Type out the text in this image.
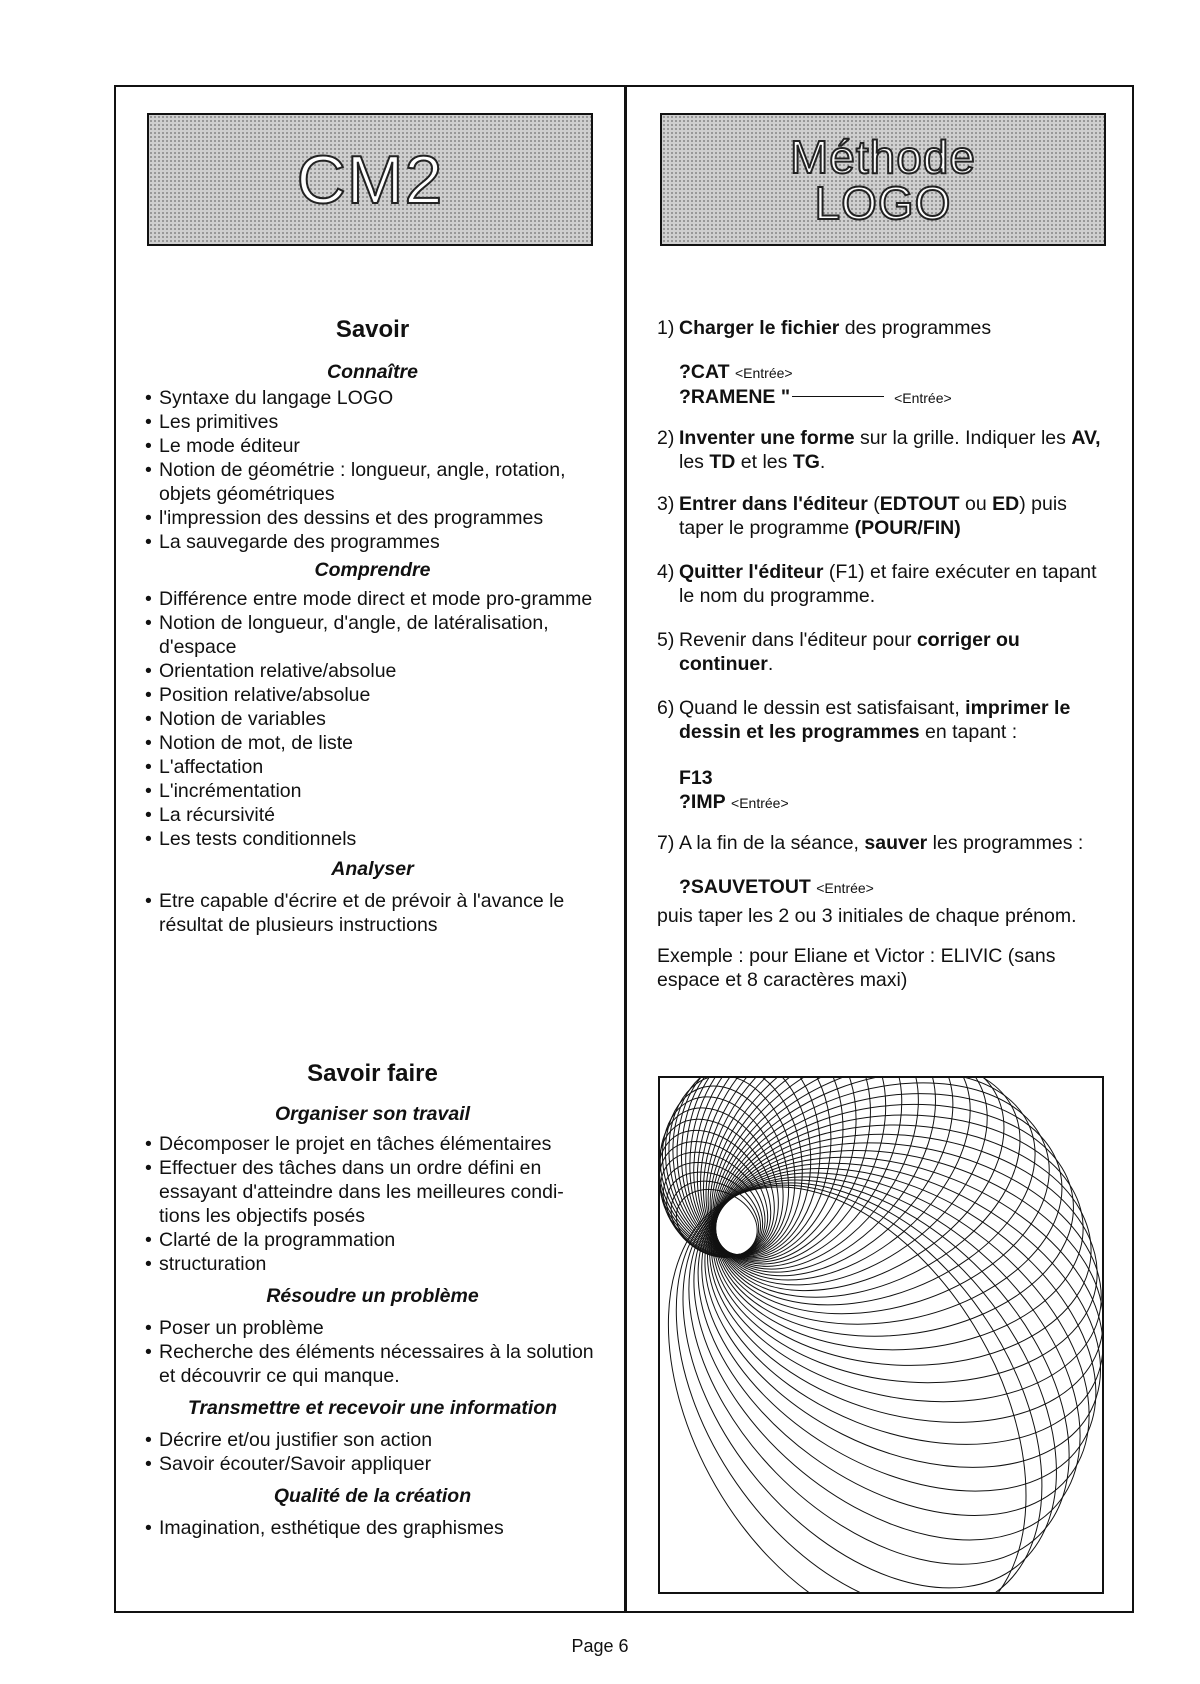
CM2	Méthode
LOGO
Savoir
Connaître
• Syntaxe du langage LOGO
• Les primitives
• Le mode éditeur
• Notion de géométrie : longueur, angle, rotation, objets géométriques
• l'impression des dessins et des programmes
• La sauvegarde des programmes
Comprendre
• Différence entre mode direct et mode pro-gramme
• Notion de longueur, d'angle, de latéralisation, d'espace
• Orientation relative/absolue
• Position relative/absolue
• Notion de variables
• Notion de mot, de liste
• L'affectation
• L'incrémentation
• La récursivité
• Les tests conditionnels
Analyser
• Etre capable d'écrire et de prévoir à l'avance le résultat de plusieurs instructions
Savoir faire
Organiser son travail
• Décomposer le projet en tâches élémentaires
• Effectuer des tâches dans un ordre défini en essayant d'atteindre dans les meilleures condi-tions les objectifs posés
• Clarté de la programmation
• structuration
Résoudre un problème
• Poser un problème
• Recherche des éléments nécessaires à la solution et découvrir ce qui manque.
Transmettre et recevoir une information
• Décrire et/ou justifier son action
• Savoir écouter/Savoir appliquer
Qualité de la création
• Imagination, esthétique des graphismes
1) Charger le fichier des programmes
?CAT <Entrée>
?RAMENE "	<Entrée>
2) Inventer une forme sur la grille. Indiquer les AV, les TD et les TG.
3) Entrer dans l'éditeur (EDTOUT ou ED) puis taper le programme (POUR/FIN)
4) Quitter l'éditeur (F1) et faire exécuter en tapant le nom du programme.
5) Revenir dans l'éditeur pour corriger ou continuer.
6) Quand le dessin est satisfaisant, imprimer le dessin et les programmes en tapant :
F13
?IMP <Entrée>
7) A la fin de la séance, sauver les programmes :
?SAUVETOUT <Entrée>
puis taper les 2 ou 3 initiales de chaque prénom.
Exemple : pour Eliane et Victor : ELIVIC (sans espace et 8 caractères maxi)
Page 6
